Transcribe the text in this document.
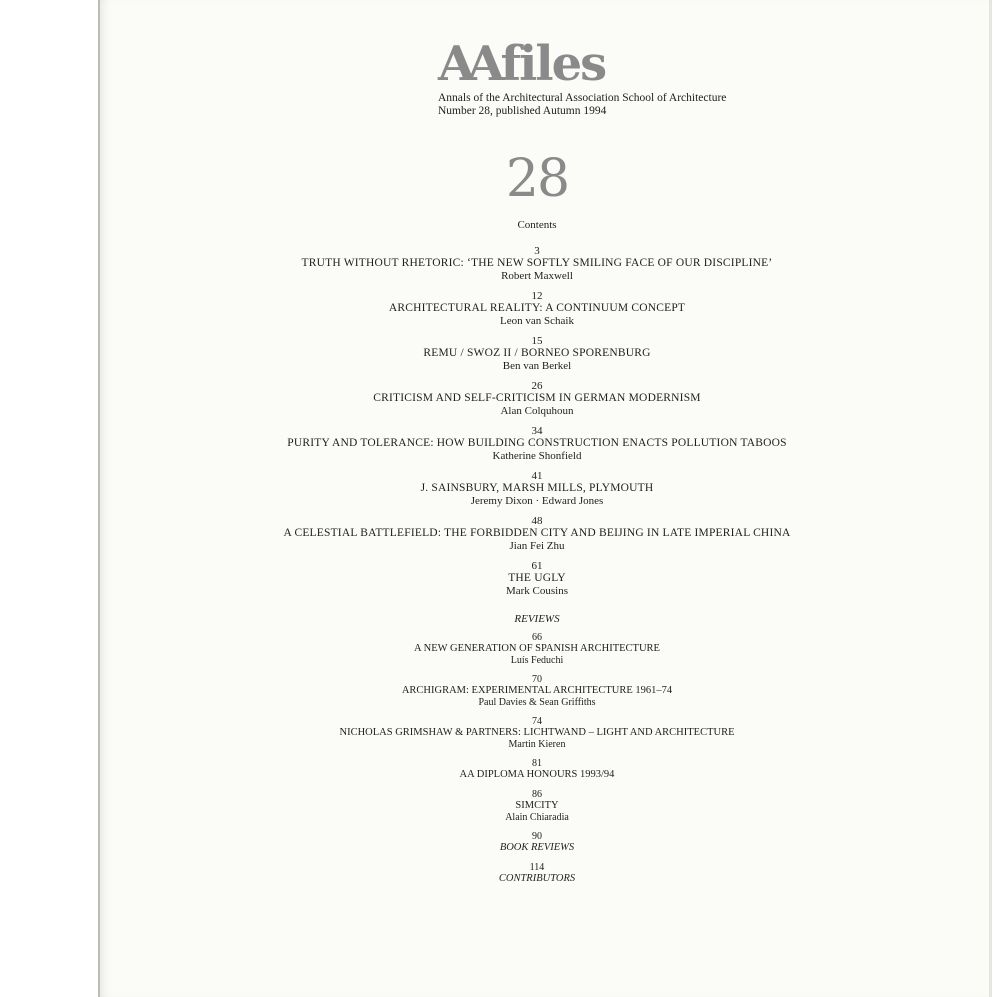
AAfiles

Annals of the Architectural Association School of Architecture

Number 28, published Autumn 1994

28
Contents
3
TRUTH WITHOUT RHETORIC: ‘THE NEW SOFTLY SMILING FACE OF OUR DISCIPLINE’
Robert Maxwell
12
ARCHITECTURAL REALITY: A CONTINUUM CONCEPT
Leon van Schaik
15
REMU / SWOZ II / BORNEO SPORENBURG
Ben van Berkel
26
CRITICISM AND SELF-CRITICISM IN GERMAN MODERNISM
Alan Colquhoun
34
PURITY AND TOLERANCE: HOW BUILDING CONSTRUCTION ENACTS POLLUTION TABOOS
Katherine Shonfield
41
J. SAINSBURY, MARSH MILLS, PLYMOUTH
Jeremy Dixon · Edward Jones
48
A CELESTIAL BATTLEFIELD: THE FORBIDDEN CITY AND BEIJING IN LATE IMPERIAL CHINA
Jian Fei Zhu
61
THE UGLY
Mark Cousins
REVIEWS
66
A NEW GENERATION OF SPANISH ARCHITECTURE
Luís Feduchi
70
ARCHIGRAM: EXPERIMENTAL ARCHITECTURE 1961–74
Paul Davies & Sean Griffiths
74
NICHOLAS GRIMSHAW & PARTNERS: LICHTWAND – LIGHT AND ARCHITECTURE
Martin Kieren
81
AA DIPLOMA HONOURS 1993/94
86
SIMCITY
Alain Chiaradia
90
BOOK REVIEWS
114
CONTRIBUTORS
